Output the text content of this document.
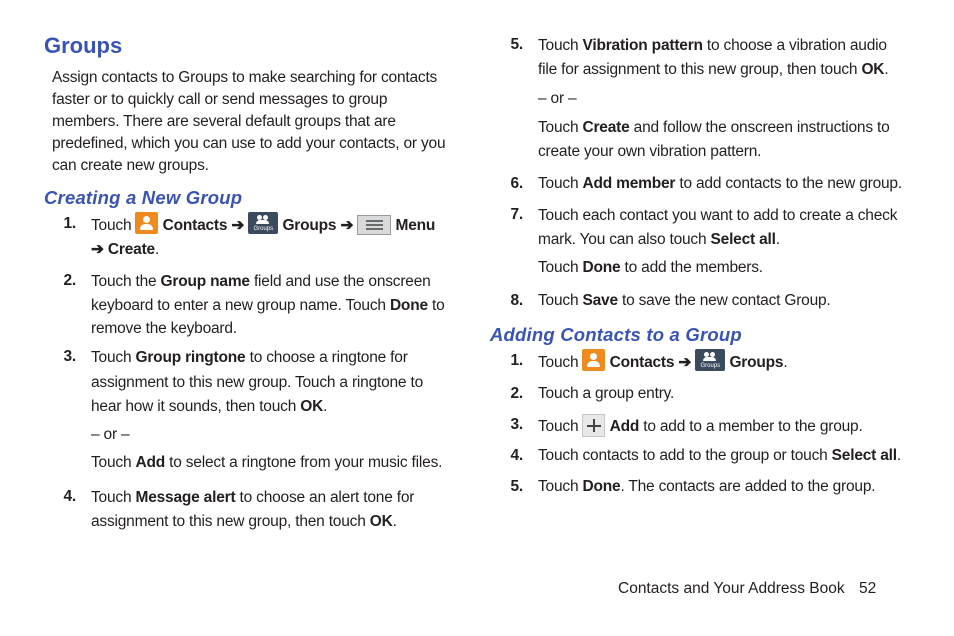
Groups
Assign contacts to Groups to make searching for contacts faster or to quickly call or send messages to group members. There are several default groups that are predefined, which you can use to add your contacts, or you can create new groups.
Creating a New Group
1. Touch Contacts ➔	Groups Groups ➔	Menu
➔ Create.
2. Touch the Group name field and use the onscreen keyboard to enter a new group name. Touch Done to remove the keyboard.
3. Touch Group ringtone to choose a ringtone for assignment to this new group. Touch a ringtone to hear how it sounds, then touch OK.
– or –
Touch Add to select a ringtone from your music files.
4. Touch Message alert to choose an alert tone for assignment to this new group, then touch OK.
5. Touch Vibration pattern to choose a vibration audio file for assignment to this new group, then touch OK.
– or –
Touch Create and follow the onscreen instructions to create your own vibration pattern.
6. Touch Add member to add contacts to the new group.
7. Touch each contact you want to add to create a check mark. You can also touch Select all.
Touch Done to add the members.
8. Touch Save to save the new contact Group.
Adding Contacts to a Group
1. Touch Contacts ➔	Groups Groups.
2. Touch a group entry.
3. Touch Add to add to a member to the group.
4. Touch contacts to add to the group or touch Select all.
5. Touch Done. The contacts are added to the group.
Contacts and Your Address Book 52
